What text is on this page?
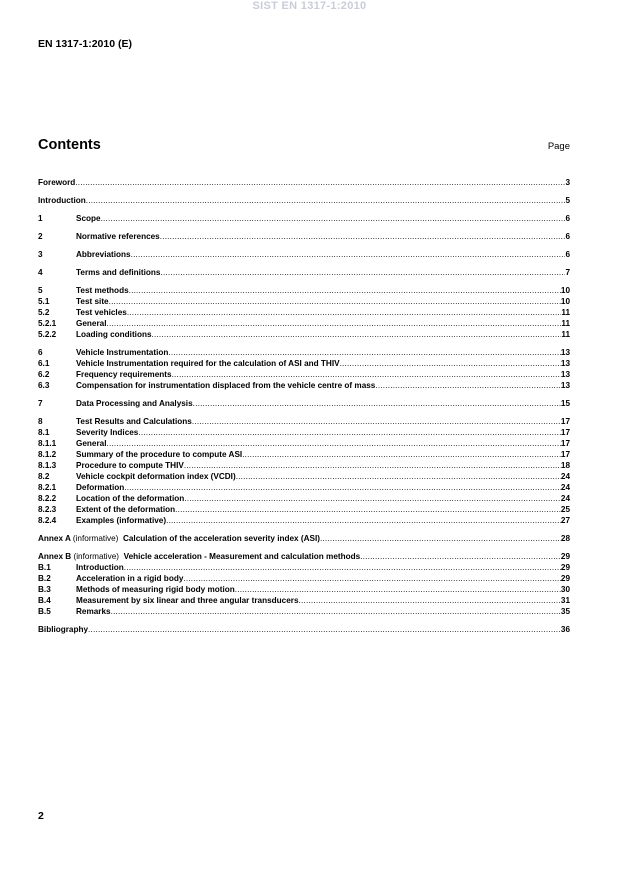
SIST EN 1317-1:2010
EN 1317-1:2010 (E)
Contents	Page
Foreword .....	3
Introduction .....	5
1	Scope .....	6
2	Normative references .....	6
3	Abbreviations .....	6
4	Terms and definitions .....	7
5	Test methods .....	10
5.1	Test site .....	10
5.2	Test vehicles .....	11
5.2.1	General .....	11
5.2.2	Loading conditions .....	11
6	Vehicle Instrumentation .....	13
6.1	Vehicle Instrumentation required for the calculation of ASI and THIV .....	13
6.2	Frequency requirements .....	13
6.3	Compensation for instrumentation displaced from the vehicle centre of mass .....	13
7	Data Processing and Analysis .....	15
8	Test Results and Calculations .....	17
8.1	Severity Indices .....	17
8.1.1	General .....	17
8.1.2	Summary of the procedure to compute ASI .....	17
8.1.3	Procedure to compute THIV .....	18
8.2	Vehicle cockpit deformation index (VCDI) .....	24
8.2.1	Deformation .....	24
8.2.2	Location of the deformation .....	24
8.2.3	Extent of the deformation .....	25
8.2.4	Examples (informative) .....	27
Annex A (informative) Calculation of the acceleration severity index (ASI) .....	28
Annex B (informative) Vehicle acceleration - Measurement and calculation methods .....	29
B.1	Introduction .....	29
B.2	Acceleration in a rigid body .....	29
B.3	Methods of measuring rigid body motion .....	30
B.4	Measurement by six linear and three angular transducers .....	31
B.5	Remarks .....	35
Bibliography .....	36
2
